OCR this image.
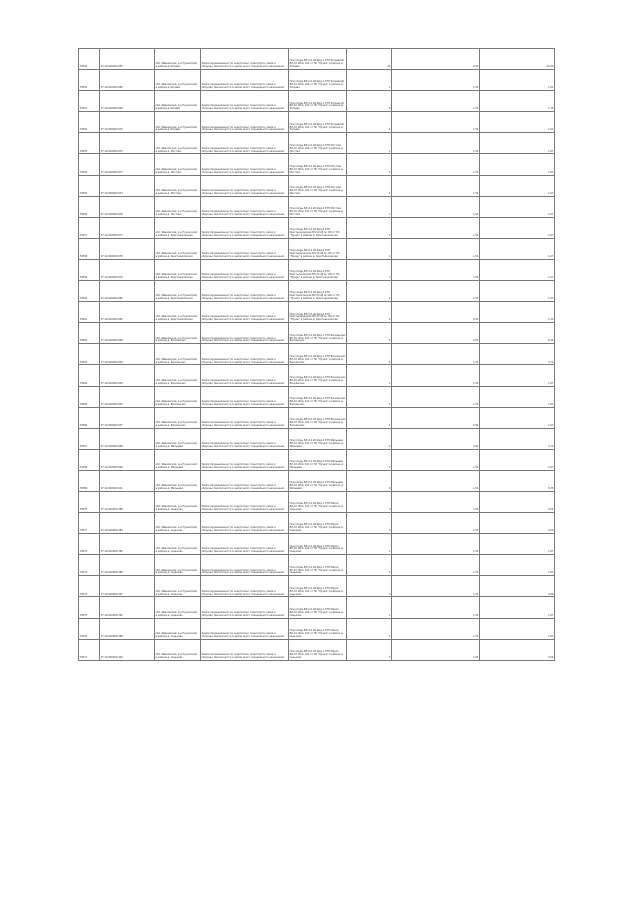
79549	37:14:000000:957	обл. Ивановская, р-н Пучежский, в районе д.Затеево	Земли промышленности, энергетики, транспорта, связи и обороны, безопасности и земли иного специального назначения	Под опоры ВЛ-0,4 кВ фид.1 КТП Затеево(4) ВЛ-10 кВ № 102 от ПС "Пучеж" в районе д. Затеево	14	0,54	22,54
79550	37:14:000000:960	обл. Ивановская, р-н Пучежский, в районе д.Затеево	Земли промышленности, энергетики, транспорта, связи и обороны, безопасности и земли иного специального назначения	Под опоры ВЛ-0,4 кВ фид.1 КТП Затеево(4) ВЛ-10 кВ № 102 от ПС "Пучеж" в районе д. Затеево	1	1,54	1,61
79551	37:14:000000:946	обл. Ивановская, р-н Пучежский, в районе д.Затеево	Земли промышленности, энергетики, транспорта, связи и обороны, безопасности и земли иного специального назначения	Под опоры ВЛ-0,4 кВ фид.1 КТП Затеево(4) ВЛ-10 кВ № 102 от ПС "Пучеж" в районе д. Затеево	6	1,54	1,75
79552	37:14:000000:970	обл. Ивановская, р-н Пучежский, в районе д.Затеево	Земли промышленности, энергетики, транспорта, связи и обороны, безопасности и земли иного специального назначения	Под опоры ВЛ-0,4 кВ фид.1 КТП Затеево(4) ВЛ-10 кВ № 102 от ПС "Пучеж" в районе д. Затеево	4	1,54	1,61
79553	37:14:000000:972	обл. Ивановская, р-н Пучежский, в районе д. Мостово	Земли промышленности, энергетики, транспорта, связи и обороны, безопасности и земли иного специального назначения	Под опоры ВЛ-0,4 кВ фид.2 КТП Мостово ВЛ-10 кВ № 102 от ПС "Пучеж" в районе д. Мостово	1	1,54	1,67
79554	37:14:000000:973	обл. Ивановская, р-н Пучежский, в районе д. Мостово	Земли промышленности, энергетики, транспорта, связи и обороны, безопасности и земли иного специального назначения	Под опоры ВЛ-0,4 кВ фид.2 КТП Мостово ВЛ-10 кВ № 102 от ПС "Пучеж" в районе д. Мостово	1	1,54	1,67
79555	37:14:000000:974	обл. Ивановская, р-н Пучежский, в районе д. Мостово	Земли промышленности, энергетики, транспорта, связи и обороны, безопасности и земли иного специального назначения	Под опоры ВЛ-0,4 кВ фид.2 КТП Мостово ВЛ-10 кВ № 102 от ПС "Пучеж" в районе д. Мостово	1	1,54	1,67
79556	37:14:000000:976	обл. Ивановская, р-н Пучежский, в районе д. Мостово	Земли промышленности, энергетики, транспорта, связи и обороны, безопасности и земли иного специального назначения	Под опоры ВЛ-0,4 кВ фид.2 КТП Мостово ВЛ-10 кВ № 102 от ПС "Пучеж" в районе д. Мостово	1	1,54	1,67
79557	37:14:000000:977	обл. Ивановская, р-н Пучежский, в районе д. Крестьянковская	Земли промышленности, энергетики, транспорта, связи и обороны, безопасности и земли иного специального назначения	Под опоры ВЛ-0,4 кВ фид.2 КТП Крестьянковская ВЛ-10 кВ № 102 от ПС "Пучеж" в районе д. Крестьянковская	1	1,54	1,67
79558	37:14:000000:978	обл. Ивановская, р-н Пучежский, в районе д. Крестьянковская	Земли промышленности, энергетики, транспорта, связи и обороны, безопасности и земли иного специального назначения	Под опоры ВЛ-0,4 кВ фид.2 КТП Крестьянковская ВЛ-10 кВ № 102 от ПС "Пучеж" в районе д. Крестьянковская	1	1,54	1,67
79559	37:14:000000:979	обл. Ивановская, р-н Пучежский, в районе д. Крестьянковская	Земли промышленности, энергетики, транспорта, связи и обороны, безопасности и земли иного специального назначения	Под опоры ВЛ-0,4 кВ фид.2 КТП Крестьянковская ВЛ-10 кВ № 102 от ПС "Пучеж" в районе д. Крестьянковская	1	1,54	1,67
79560	37:14:000000:980	обл. Ивановская, р-н Пучежский, в районе д. Крестьянковская	Земли промышленности, энергетики, транспорта, связи и обороны, безопасности и земли иного специального назначения	Под опоры ВЛ-0,4 кВ фид.2 КТП Крестьянковская ВЛ-10 кВ № 102 от ПС "Пучеж" в районе д. Крестьянковская	1	1,54	1,67
79561	37:14:000000:981	обл. Ивановская, р-н Пучежский, в районе д. Крестьянковская	Земли промышленности, энергетики, транспорта, связи и обороны, безопасности и земли иного специального назначения	Под опоры ВЛ-0,4 кВ фид.2 КТП Крестьянковская ВЛ-10 кВ № 102 от ПС "Пучеж" в районе д. Крестьянковская	4	0,54	1,20
79562	37:14:000000:948	обл. Ивановская, р-н Пучежский, в районе д. Васильково	Земли промышленности, энергетики, транспорта, связи и обороны, безопасности и земли иного специального назначения	Под опоры ВЛ-0,4 кВ фид.1 КТП Васильково ВЛ-10 кВ № 102 от ПС "Пучеж" в районе д. Васильково	4	0,54	6,14
79563	37:14:000000:949	обл. Ивановская, р-н Пучежский, в районе д. Васильково	Земли промышленности, энергетики, транспорта, связи и обороны, безопасности и земли иного специального назначения	Под опоры ВЛ-0,4 кВ фид.1 КТП Васильково ВЛ-10 кВ № 102 от ПС "Пучеж" в районе д. Васильково	2	1,54	3,74
79564	37:14:000000:950	обл. Ивановская, р-н Пучежский, в районе д. Васильково	Земли промышленности, энергетики, транспорта, связи и обороны, безопасности и земли иного специального назначения	Под опоры ВЛ-0,4 кВ фид.1 КТП Васильково ВЛ-10 кВ № 102 от ПС "Пучеж" в районе д. Васильково	1	1,54	1,67
79565	37:14:000000:952	обл. Ивановская, р-н Пучежский, в районе д. Васильково	Земли промышленности, энергетики, транспорта, связи и обороны, безопасности и земли иного специального назначения	Под опоры ВЛ-0,4 кВ фид.1 КТП Васильково ВЛ-10 кВ № 102 от ПС "Пучеж" в районе д. Васильково	1	1,54	1,67
79566	37:14:000000:957	обл. Ивановская, р-н Пучежский, в районе д. Васильково	Земли промышленности, энергетики, транспорта, связи и обороны, безопасности и земли иного специального назначения	Под опоры ВЛ-0,4 кВ фид.1 КТП Васильково ВЛ-10 кВ № 102 от ПС "Пучеж" в районе д. Васильково	1	0,54	1,67
79567	37:14:000000:969	обл. Ивановская, р-н Пучежский, в районе д. Мальцево	Земли промышленности, энергетики, транспорта, связи и обороны, безопасности и земли иного специального назначения	Под опоры ВЛ-0,4 кВ фид.2 КТП Мальцево ВЛ-10 кВ № 102 от ПС "Пучеж" в районе д. Мальцево	2	0,54	3,10
79568	37:14:000000:940	обл. Ивановская, р-н Пучежский, в районе д. Мальцево	Земли промышленности, энергетики, транспорта, связи и обороны, безопасности и земли иного специального назначения	Под опоры ВЛ-0,4 кВ фид.2 КТП Мальцево ВЛ-10 кВ № 102 от ПС "Пучеж" в районе д. Мальцево	1	1,54	1,67
79569	37:14:000000:941	обл. Ивановская, р-н Пучежский, в районе д. Мальцево	Земли промышленности, энергетики, транспорта, связи и обороны, безопасности и земли иного специального назначения	Под опоры ВЛ-0,4 кВ фид.2 КТП Мальцево ВЛ-10 кВ № 102 от ПС "Пучеж" в районе д. Мальцево	6	1,54	8,35
79570	37:14:000000:388	обл. Ивановская, р-н Пучежский, в районе д. Сеньково	Земли промышленности, энергетики, транспорта, связи и обороны, безопасности и земли иного специального назначения	Под опоры ВЛ-0,4 кВ фид.1 КТП Мелсе ВЛ-10 кВ № 102 от ПС "Пучеж" в районе д. Сеньково	3	1,54	4,54
79571	37:14:000000:384	обл. Ивановская, р-н Пучежский, в районе д. Сеньково	Земли промышленности, энергетики, транспорта, связи и обороны, безопасности и земли иного специального назначения	Под опоры ВЛ-0,4 кВ фид.1 КТП Мелсе ВЛ-10 кВ № 102 от ПС "Пучеж" в районе д. Сеньково	3	1,54	4,54
79572	37:14:000000:385	обл. Ивановская, р-н Пучежский, в районе д. Сеньково	Земли промышленности, энергетики, транспорта, связи и обороны, безопасности и земли иного специального назначения	Под опоры ВЛ-0,4 кВ фид.1 КТП Мелсе ВЛ-10 кВ № 102 от ПС "Пучеж" в районе д. Сеньково	1	1,54	1,67
79573	37:14:000000:386	обл. Ивановская, р-н Пучежский, в районе д. Сеньково	Земли промышленности, энергетики, транспорта, связи и обороны, безопасности и земли иного специального назначения	Под опоры ВЛ-0,4 кВ фид.1 КТП Мелсе ВЛ-10 кВ № 102 от ПС "Пучеж" в районе д. Сеньково	1	1,54	1,67
79574	37:14:000000:387	обл. Ивановская, р-н Пучежский, в районе д. Сеньково	Земли промышленности, энергетики, транспорта, связи и обороны, безопасности и земли иного специального назначения	Под опоры ВЛ-0,4 кВ фид.1 КТП Мелсе ВЛ-10 кВ № 102 от ПС "Пучеж" в районе д. Сеньково	3	1,54	4,99
79575	37:14:000000:392	обл. Ивановская, р-н Пучежский, в районе д. Сеньково	Земли промышленности, энергетики, транспорта, связи и обороны, безопасности и земли иного специального назначения	Под опоры ВЛ-0,4 кВ фид.1 КТП Мелсе ВЛ-10 кВ № 102 от ПС "Пучеж" в районе д. Сеньково	1	1,54	1,67
79576	37:14:000000:389	обл. Ивановская, р-н Пучежский, в районе д. Сеньково	Земли промышленности, энергетики, транспорта, связи и обороны, безопасности и земли иного специального назначения	Под опоры ВЛ-0,4 кВ фид.1 КТП Мелсе ВЛ-10 кВ № 102 от ПС "Пучеж" в районе д. Сеньково	1	1,54	1,67
79577	37:14:000000:400	обл. Ивановская, р-н Пучежский, в районе д. Сеньково	Земли промышленности, энергетики, транспорта, связи и обороны, безопасности и земли иного специального назначения	Под опоры ВЛ-0,4 кВ фид.1 КТП Мелсе ВЛ-10 кВ № 102 от ПС "Пучеж" в районе д. Сеньково	3	1,54	4,54
